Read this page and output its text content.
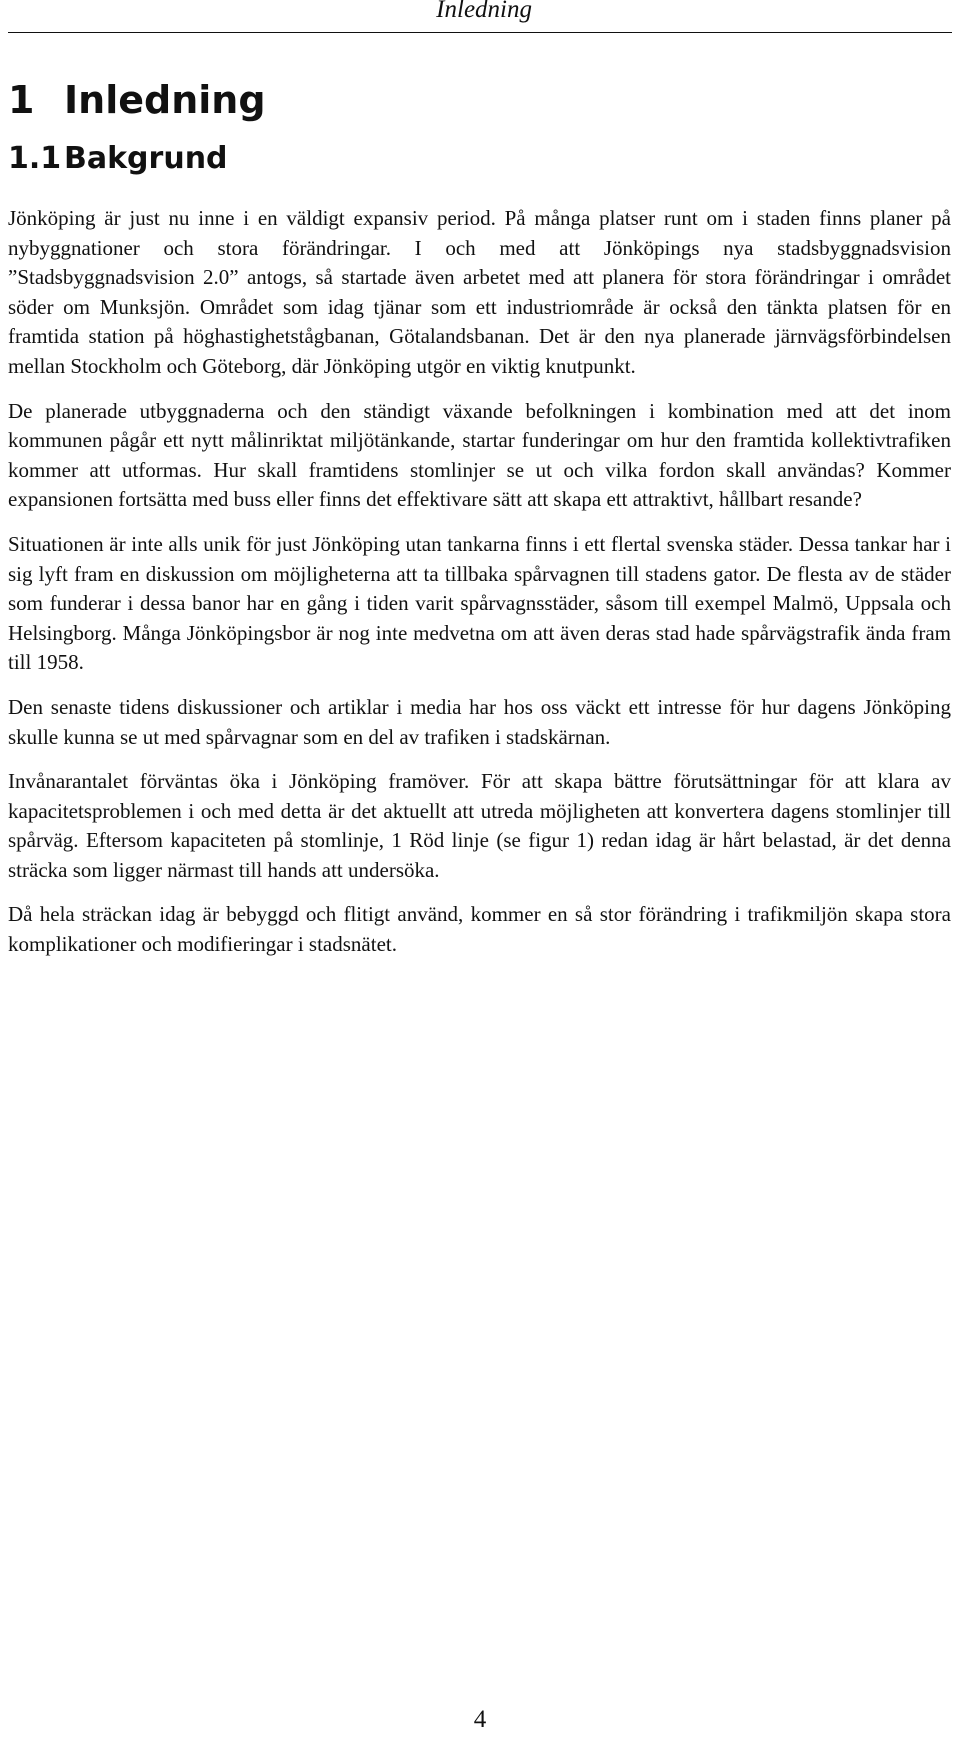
Inledning
1 Inledning
1.1Bakgrund

Jönköping är just nu inne i en väldigt expansiv period. På många platser runt om i staden finns planer på nybyggnationer och stora förändringar. I och med att Jönköpings nya stadsbyggnadsvision ”Stadsbyggnadsvision 2.0” antogs, så startade även arbetet med att planera för stora förändringar i området söder om Munksjön. Området som idag tjänar som ett industriområde är också den tänkta platsen för en framtida station på höghastighetstågbanan, Götalandsbanan. Det är den nya planerade järnvägsförbindelsen mellan Stockholm och Göteborg, där Jönköping utgör en viktig knutpunkt.

De planerade utbyggnaderna och den ständigt växande befolkningen i kombination med att det inom kommunen pågår ett nytt målinriktat miljötänkande, startar funderingar om hur den framtida kollektivtrafiken kommer att utformas. Hur skall framtidens stomlinjer se ut och vilka fordon skall användas? Kommer expansionen fortsätta med buss eller finns det effektivare sätt att skapa ett attraktivt, hållbart resande?

Situationen är inte alls unik för just Jönköping utan tankarna finns i ett flertal svenska städer. Dessa tankar har i sig lyft fram en diskussion om möjligheterna att ta tillbaka spårvagnen till stadens gator. De flesta av de städer som funderar i dessa banor har en gång i tiden varit spårvagnsstäder, såsom till exempel Malmö, Uppsala och Helsingborg. Många Jönköpingsbor är nog inte medvetna om att även deras stad hade spårvägstrafik ända fram till 1958.

Den senaste tidens diskussioner och artiklar i media har hos oss väckt ett intresse för hur dagens Jönköping skulle kunna se ut med spårvagnar som en del av trafiken i stadskärnan.

Invånarantalet förväntas öka i Jönköping framöver. För att skapa bättre förutsättningar för att klara av kapacitetsproblemen i och med detta är det aktuellt att utreda möjligheten att konvertera dagens stomlinjer till spårväg. Eftersom kapaciteten på stomlinje, 1 Röd linje (se figur 1) redan idag är hårt belastad, är det denna sträcka som ligger närmast till hands att undersöka.

Då hela sträckan idag är bebyggd och flitigt använd, kommer en så stor förändring i trafikmiljön skapa stora komplikationer och modifieringar i stadsnätet.

4
